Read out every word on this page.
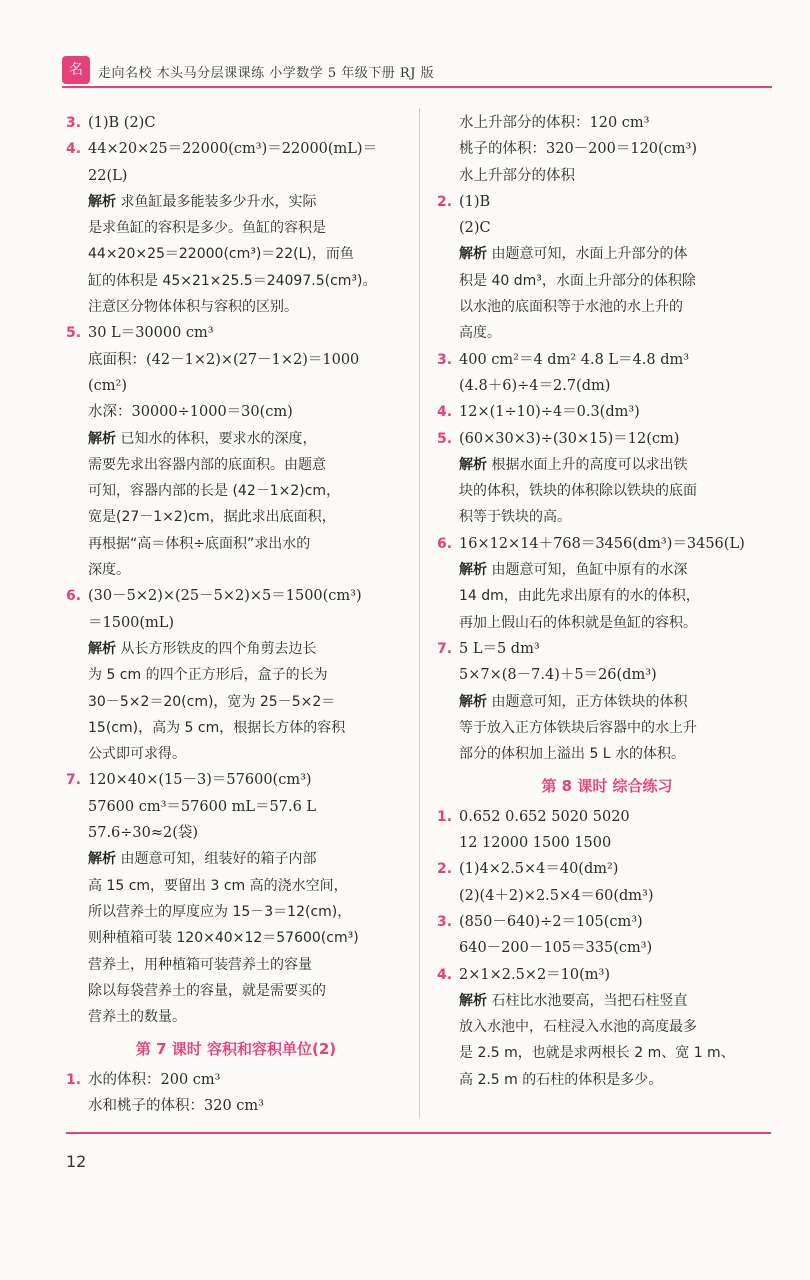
名	走向名校 木头马分层课课练 小学数学 5 年级下册 RJ 版
3. (1)B (2)C
4. 44×20×25＝22000(cm³)＝22000(mL)＝
22(L)
解析 求鱼缸最多能装多少升水，实际
是求鱼缸的容积是多少。鱼缸的容积是
44×20×25＝22000(cm³)＝22(L)，而鱼
缸的体积是 45×21×25.5＝24097.5(cm³)。
注意区分物体体积与容积的区别。
5. 30 L＝30000 cm³
底面积：(42－1×2)×(27－1×2)＝1000
(cm²)
水深：30000÷1000＝30(cm)
解析 已知水的体积，要求水的深度，
需要先求出容器内部的底面积。由题意
可知，容器内部的长是 (42－1×2)cm，
宽是(27－1×2)cm，据此求出底面积，
再根据“高＝体积÷底面积”求出水的
深度。
6. (30－5×2)×(25－5×2)×5＝1500(cm³)
＝1500(mL)
解析 从长方形铁皮的四个角剪去边长
为 5 cm 的四个正方形后，盒子的长为
30－5×2＝20(cm)，宽为 25－5×2＝
15(cm)，高为 5 cm，根据长方体的容积
公式即可求得。
7. 120×40×(15－3)＝57600(cm³)
57600 cm³＝57600 mL＝57.6 L
57.6÷30≈2(袋)
解析 由题意可知，组装好的箱子内部
高 15 cm，要留出 3 cm 高的浇水空间，
所以营养土的厚度应为 15－3＝12(cm)，
则种植箱可装 120×40×12＝57600(cm³)
营养土，用种植箱可装营养土的容量
除以每袋营养土的容量，就是需要买的
营养土的数量。
第 7 课时 容积和容积单位(2)
1. 水的体积：200 cm³
水和桃子的体积：320 cm³
水上升部分的体积：120 cm³
桃子的体积：320－200＝120(cm³)
水上升部分的体积
2. (1)B
(2)C
解析 由题意可知，水面上升部分的体
积是 40 dm³，水面上升部分的体积除
以水池的底面积等于水池的水上升的
高度。
3. 400 cm²＝4 dm² 4.8 L＝4.8 dm³
(4.8＋6)÷4＝2.7(dm)
4. 12×(1÷10)÷4＝0.3(dm³)
5. (60×30×3)÷(30×15)＝12(cm)
解析 根据水面上升的高度可以求出铁
块的体积，铁块的体积除以铁块的底面
积等于铁块的高。
6. 16×12×14＋768＝3456(dm³)＝3456(L)
解析 由题意可知，鱼缸中原有的水深
14 dm，由此先求出原有的水的体积，
再加上假山石的体积就是鱼缸的容积。
7. 5 L＝5 dm³
5×7×(8－7.4)＋5＝26(dm³)
解析 由题意可知，正方体铁块的体积
等于放入正方体铁块后容器中的水上升
部分的体积加上溢出 5 L 水的体积。
第 8 课时 综合练习
1. 0.652 0.652 5020 5020
12 12000 1500 1500
2. (1)4×2.5×4＝40(dm²)
(2)(4＋2)×2.5×4＝60(dm³)
3. (850－640)÷2＝105(cm³)
640－200－105＝335(cm³)
4. 2×1×2.5×2＝10(m³)
解析 石柱比水池要高，当把石柱竖直
放入水池中，石柱浸入水池的高度最多
是 2.5 m，也就是求两根长 2 m、宽 1 m、
高 2.5 m 的石柱的体积是多少。
12
